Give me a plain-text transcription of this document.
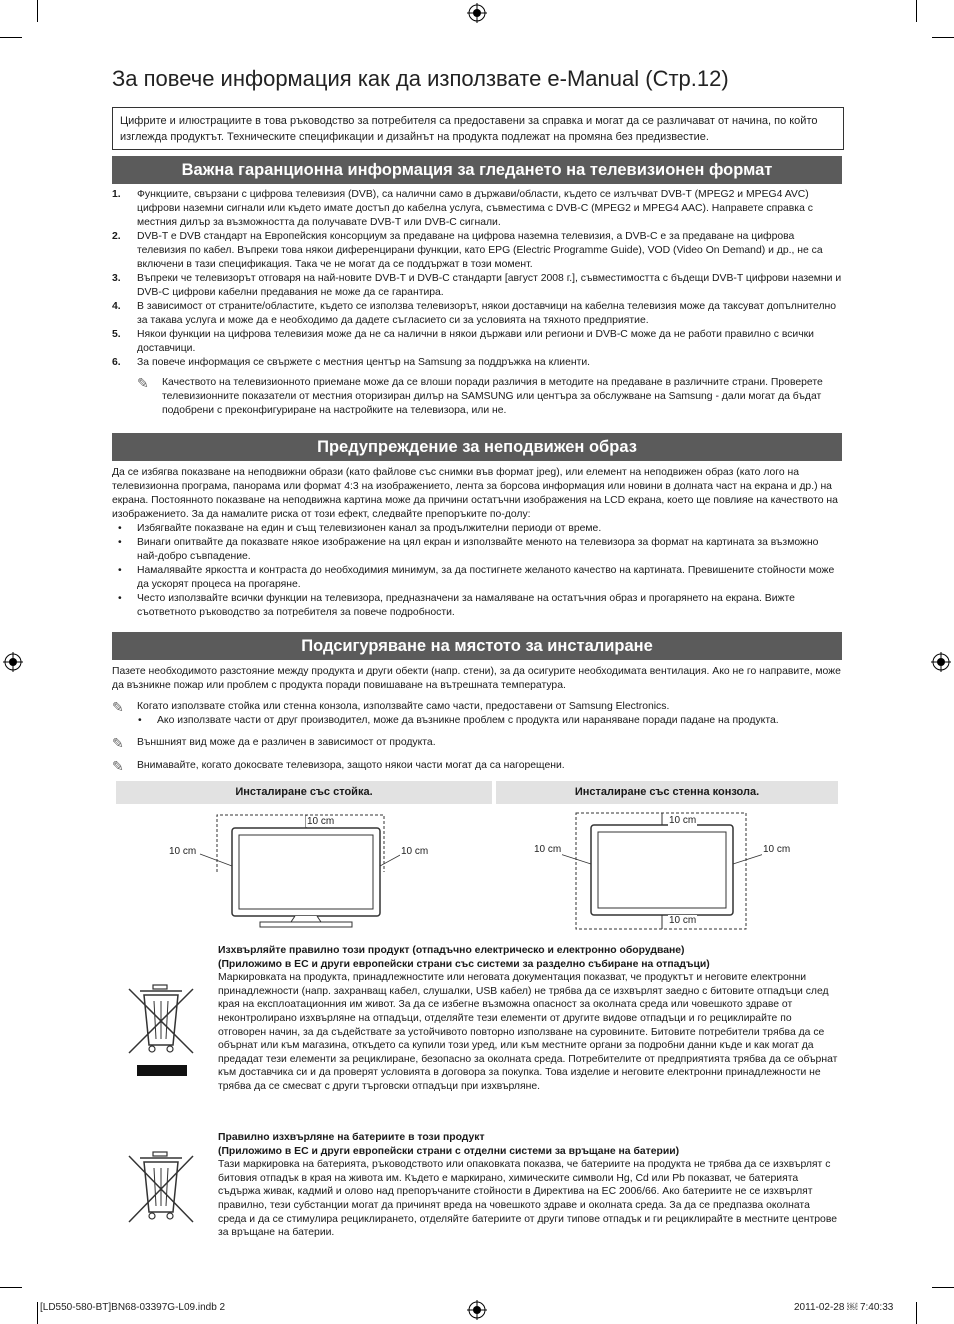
За повече информация как да използвате e-Manual (Стр.12)
Цифрите и илюстрациите в това ръководство за потребителя са предоставени за справка и могат да се различават от начина, по който изглежда продуктът. Техническите спецификации и дизайнът на продукта подлежат на промяна без предизвестие.
Важна гаранционна информация за гледането на телевизионен формат
1.	Функциите, свързани с цифрова телевизия (DVB), са налични само в държави/области, където се излъчват DVB-T (MPEG2 и MPEG4 AVC) цифрови наземни сигнали или където имате достъп до кабелна услуга, съвместима с DVB-C (MPEG2 и MPEG4 AAC). Направете справка с местния дилър за възможността да получавате DVB-T или DVB-C сигнали.
2.	DVB-T е DVB стандарт на Европейския консорциум за предаване на цифрова наземна телевизия, а DVB-C е за предаване на цифрова телевизия по кабел. Въпреки това някои диференцирани функции, като EPG (Electric Programme Guide), VOD (Video On Demand) и др., не са включени в тази спецификация. Така че не могат да се поддържат в този момент.
3.	Въпреки че телевизорът отговаря на най-новите DVB-T и DVB-C стандарти [август 2008 г.], съвместимостта с бъдещи DVB-T цифрови наземни и DVB-C цифрови кабелни предавания не може да се гарантира.
4.	В зависимост от страните/областите, където се използва телевизорът, някои доставчици на кабелна телевизия може да таксуват допълнително за такава услуга и може да е необходимо да дадете съгласието си за условията на тяхното предприятие.
5.	Някои функции на цифрова телевизия може да не са налични в някои държави или региони и DVB-C може да не работи правилно с всички доставчици.
6.	За повече информация се свържете с местния център на Samsung за поддръжка на клиенти.
✎	Качеството на телевизионното приемане може да се влоши поради различия в методите на предаване в различните страни. Проверете телевизионните показатели от местния оторизиран дилър на SAMSUNG или центъра за обслужване на Samsung - дали могат да бъдат подобрени с преконфигуриране на настройките на телевизора, или не.
Предупреждение за неподвижен образ
Да се избягва показване на неподвижни образи (като файлове със снимки във формат jpeg), или елемент на неподвижен образ (като лого на телевизионна програма, панорама или формат 4:3 на изображението, лента за борсова информация или новини в долната част на екрана и др.) на екрана. Постоянното показване на неподвижна картина може да причини остатъчни изображения на LCD екрана, което ще повлияе на качеството на изображението. За да намалите риска от този ефект, следвайте препоръките по-долу:
•	Избягвайте показване на един и същ телевизионен канал за продължителни периоди от време.
•	Винаги опитвайте да показвате някое изображение на цял екран и използвайте менюто на телевизора за формат на картината за възможно най-добро съвпадение.
•	Намалявайте яркостта и контраста до необходимия минимум, за да постигнете желаното качество на картината. Превишените стойности може да ускорят процеса на прогаряне.
•	Често използвайте всички функции на телевизора, предназначени за намаляване на остатъчния образ и прогарянето на екрана. Вижте съответното ръководство за потребителя за повече подробности.
Подсигуряване на мястото за инсталиране
Пазете необходимото разстояние между продукта и други обекти (напр. стени), за да осигурите необходимата вентилация. Ако не го направите, може да възникне пожар или проблем с продукта поради повишаване на вътрешната температура.
✎	Когато използвате стойка или стенна конзола, използвайте само части, предоставени от Samsung Electronics.
•	Ако използвате части от друг производител, може да възникне проблем с продукта или нараняване поради падане на продукта.
✎	Външният вид може да е различен в зависимост от продукта.
✎	Внимавайте, когато докосвате телевизора, защото някои части могат да са нагорещени.
Инсталиране със стойка.	Инсталиране със стенна конзола.
10 cm
10 cm	10 cm
10 cm
10 cm
10 cm	10 cm
Изхвърляйте правилно този продукт (отпадъчно електрическо и електронно оборудване)
(Приложимо в ЕС и други европейски страни със системи за разделно събиране на отпадъци)
Маркировката на продукта, принадлежностите или неговата документация показват, че продуктът и неговите електронни принадлежности (напр. захранващ кабел, слушалки, USB кабел) не трябва да се изхвърлят заедно с битовите отпадъци след края на експлоатационния им живот. За да се избегне възможна опасност за околната среда или човешкото здраве от неконтролирано изхвърляне на отпадъци, отделяйте тези елементи от другите видове отпадъци и го рециклирайте по отговорен начин, за да съдействате за устойчивото повторно използване на суровините. Битовите потребители трябва да се обърнат или към магазина, откъдето са купили този уред, или към местните органи за подробни данни къде и как могат да предадат тези елементи за рециклиране, безопасно за околната среда. Потребителите от предприятията трябва да се обърнат към доставчика си и да проверят условията в договора за покупка. Това изделие и неговите електронни принадлежности не трябва да се смесват с други търговски отпадъци при изхвърляне.
Правилно изхвърляне на батериите в този продукт
(Приложимо в ЕС и други европейски страни с отделни системи за връщане на батерии)
Тази маркировка на батерията, ръководството или опаковката показва, че батериите на продукта не трябва да се изхвърлят с битовия отпадък в края на живота им. Където е маркирано, химическите символи Hg, Cd или Pb показват, че батерията съдържа живак, кадмий и олово над препоръчаните стойности в Директива на ЕС 2006/66. Ако батериите не се изхвърлят правилно, тези субстанции могат да причинят вреда на човешкото здраве и околната среда. За да се предпазва околната среда и да се стимулира рециклирането, отделяйте батериите от други типове отпадък и ги рециклирайте в местните центрове за връщане на батерии.
[LD550-580-BT]BN68-03397G-L09.indb 2	2011-02-28 ￼ 7:40:33
